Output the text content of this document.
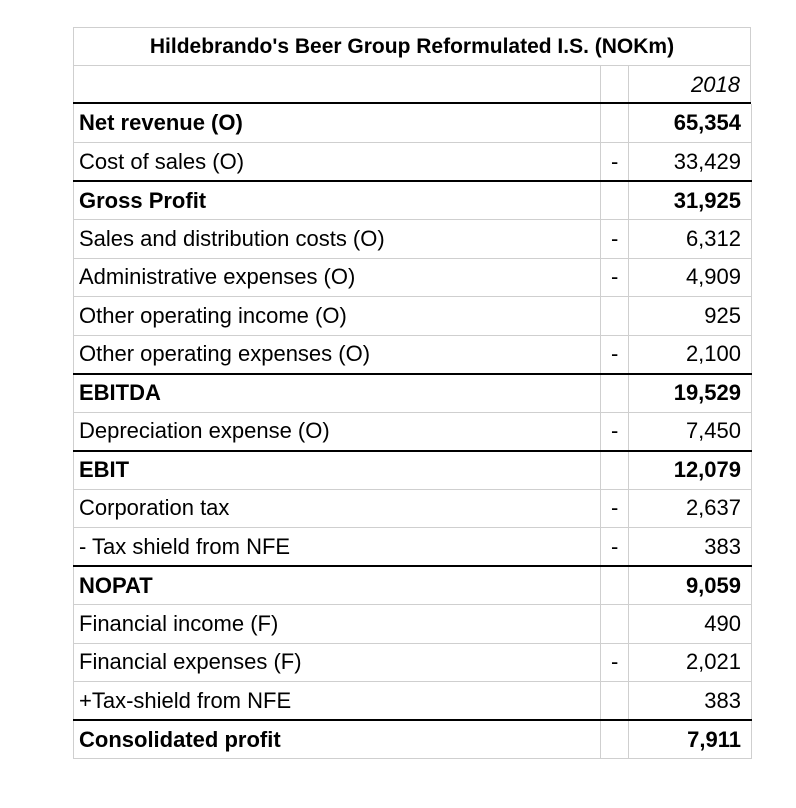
Hildebrando's Beer Group Reformulated I.S. (NOKm)
2018
Net revenue (O)		65,354
Cost of sales (O)	-	33,429
Gross Profit		31,925
Sales and distribution costs (O)	-	6,312
Administrative expenses (O)	-	4,909
Other operating income (O)		925
Other operating expenses (O)	-	2,100
EBITDA		19,529
Depreciation expense (O)	-	7,450
EBIT		12,079
Corporation tax	-	2,637
- Tax shield from NFE	-	383
NOPAT		9,059
Financial income (F)		490
Financial expenses (F)	-	2,021
+Tax-shield from NFE		383
Consolidated profit		7,911
